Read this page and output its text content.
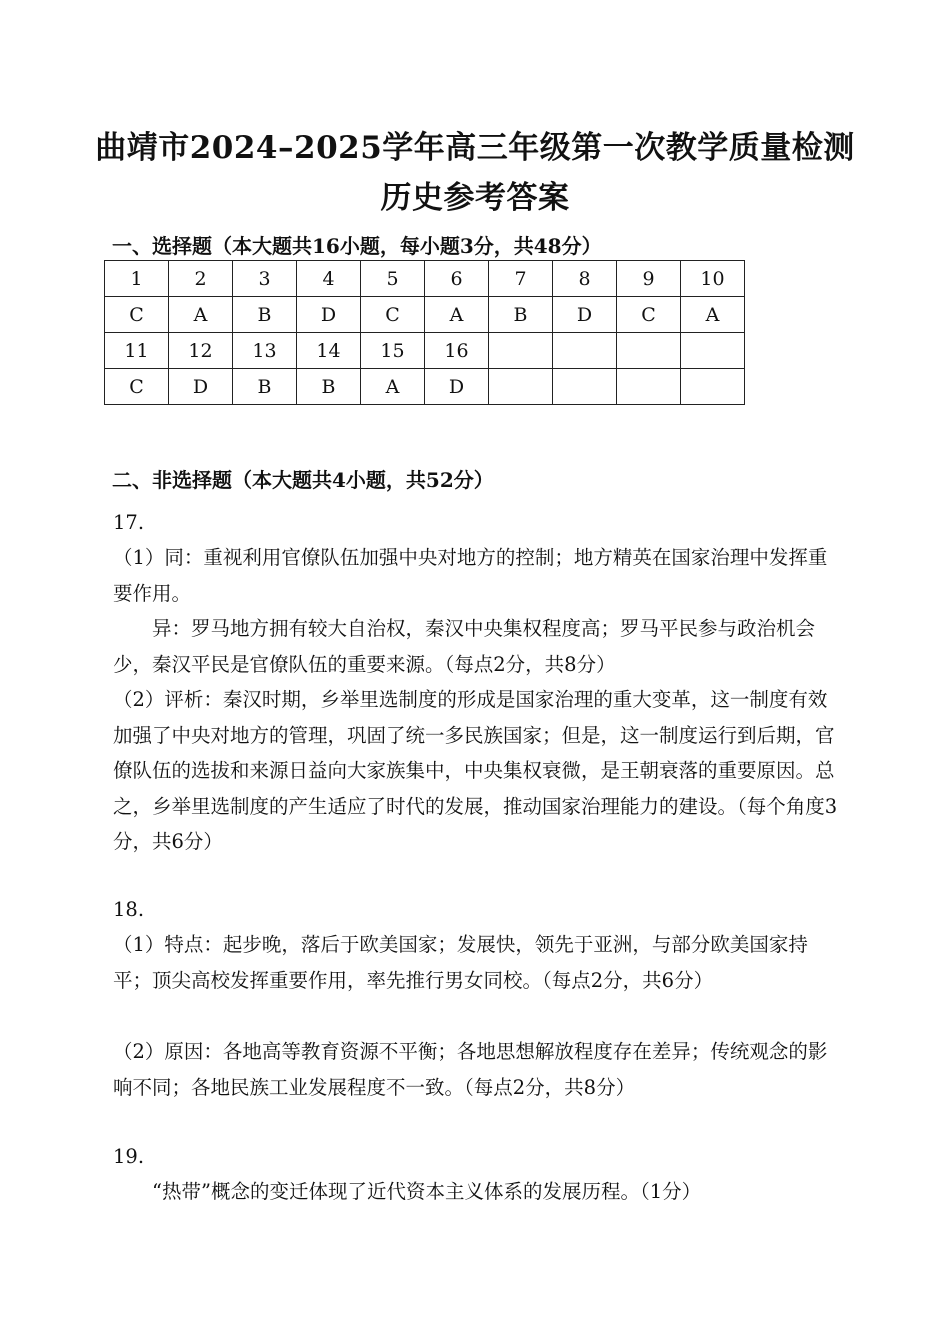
曲靖市2024–2025学年高三年级第一次教学质量检测
历史参考答案
一、选择题（本大题共16小题，每小题3分，共48分）
1	2	3	4	5	6	7	8	9	10
C	A	B	D	C	A	B	D	C	A
11	12	13	14	15	16				
C	D	B	B	A	D				
二、非选择题（本大题共4小题，共52分）
17.
（1）同：重视利用官僚队伍加强中央对地方的控制；地方精英在国家治理中发挥重要作用。
　　异：罗马地方拥有较大自治权，秦汉中央集权程度高；罗马平民参与政治机会少，秦汉平民是官僚队伍的重要来源。（每点2分，共8分）
（2）评析：秦汉时期，乡举里选制度的形成是国家治理的重大变革，这一制度有效加强了中央对地方的管理，巩固了统一多民族国家；但是，这一制度运行到后期，官僚队伍的选拔和来源日益向大家族集中，中央集权衰微，是王朝衰落的重要原因。总之，乡举里选制度的产生适应了时代的发展，推动国家治理能力的建设。（每个角度3分，共6分）
18.
（1）特点：起步晚，落后于欧美国家；发展快，领先于亚洲，与部分欧美国家持平；顶尖高校发挥重要作用，率先推行男女同校。（每点2分，共6分）
（2）原因：各地高等教育资源不平衡；各地思想解放程度存在差异；传统观念的影响不同；各地民族工业发展程度不一致。（每点2分，共8分）
19.
　　“热带”概念的变迁体现了近代资本主义体系的发展历程。（1分）
